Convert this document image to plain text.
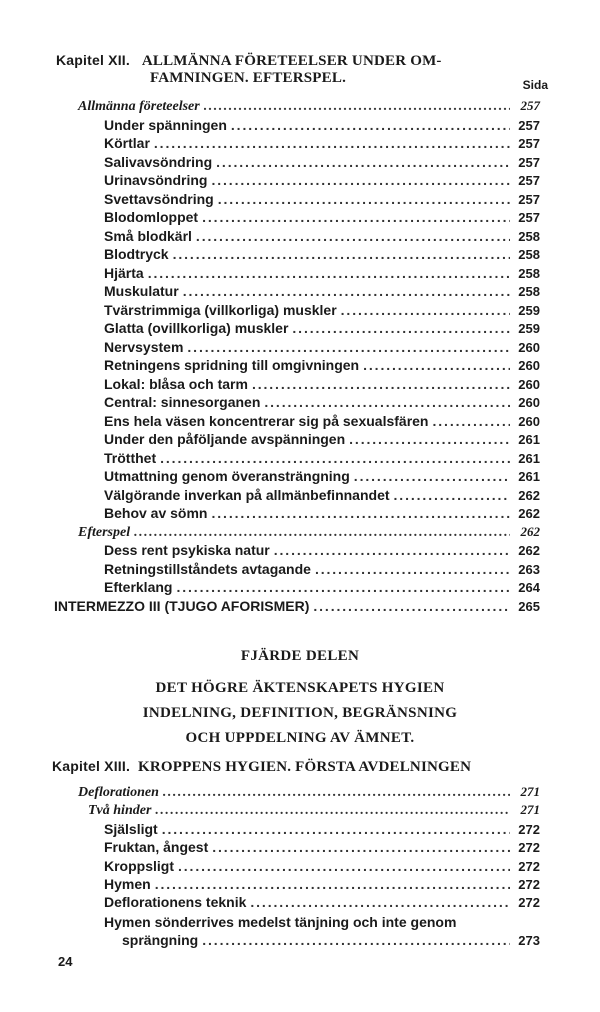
Kapitel XII. ALLMÄNNA FÖRETEELSER UNDER OM-
FAMNINGEN. EFTERSPEL.	Sida
Allmänna företeelser . . .	257
Under spänningen . . .	257
Körtlar . . .	257
Salivavsöndring . . .	257
Urinavsöndring . . .	257
Svettavsöndring . . .	257
Blodomloppet . . .	257
Små blodkärl . . .	258
Blodtryck . . .	258
Hjärta . . .	258
Muskulatur . . .	258
Tvärstrimmiga (villkorliga) muskler . . .	259
Glatta (ovillkorliga) muskler . . .	259
Nervsystem . . .	260
Retningens spridning till omgivningen . . .	260
Lokal: blåsa och tarm . . .	260
Central: sinnesorganen . . .	260
Ens hela väsen koncentrerar sig på sexualsfären . . .	260
Under den påföljande avspänningen . . .	261
Trötthet . . .	261
Utmattning genom överansträngning . . .	261
Välgörande inverkan på allmänbefinnandet . . .	262
Behov av sömn . . .	262
Efterspel . . .	262
Dess rent psykiska natur . . .	262
Retningstillståndets avtagande . . .	263
Efterklang . . .	264
INTERMEZZO III (TJUGO AFORISMER) . . .	265
FJÄRDE DELEN
DET HÖGRE ÄKTENSKAPETS HYGIEN
INDELNING, DEFINITION, BEGRÄNSNING
OCH UPPDELNING AV ÄMNET.
Kapitel XIII. KROPPENS HYGIEN. FÖRSTA AVDELNINGEN
Deflorationen . . .	271
Två hinder . . .	271
Själsligt . . .	272
Fruktan, ångest . . .	272
Kroppsligt . . .	272
Hymen . . .	272
Deflorationens teknik . . .	272
Hymen sönderrives medelst tänjning och inte genom
sprängning . . .	273
24
